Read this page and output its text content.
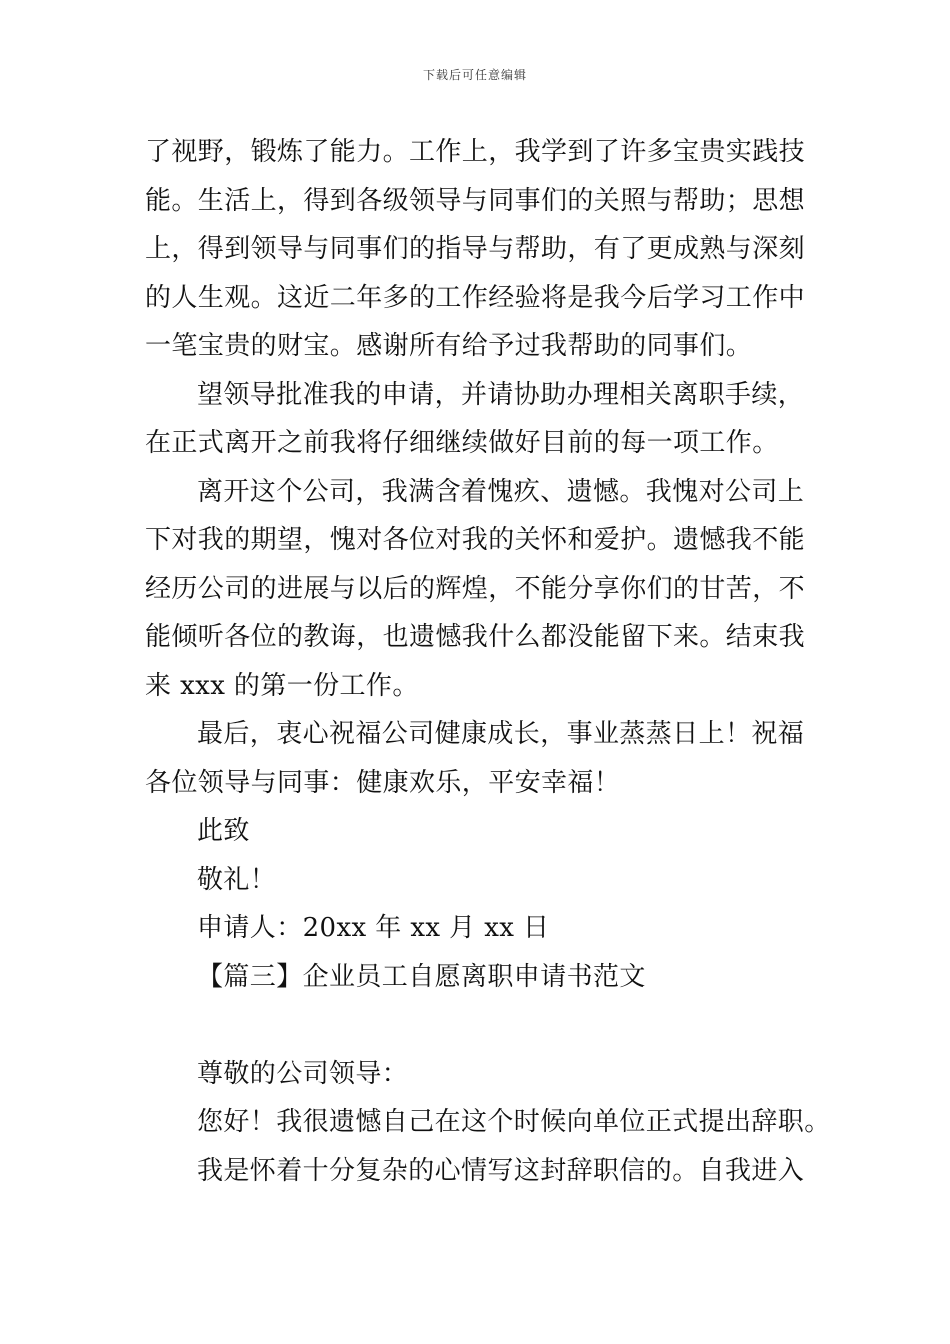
下载后可任意编辑
了视野，锻炼了能力。工作上，我学到了许多宝贵实践技
能。生活上，得到各级领导与同事们的关照与帮助；思想
上，得到领导与同事们的指导与帮助，有了更成熟与深刻
的人生观。这近二年多的工作经验将是我今后学习工作中
一笔宝贵的财宝。感谢所有给予过我帮助的同事们。
望领导批准我的申请，并请协助办理相关离职手续，
在正式离开之前我将仔细继续做好目前的每一项工作。
离开这个公司，我满含着愧疚、遗憾。我愧对公司上
下对我的期望，愧对各位对我的关怀和爱护。遗憾我不能
经历公司的进展与以后的辉煌，不能分享你们的甘苦，不
能倾听各位的教诲，也遗憾我什么都没能留下来。结束我
来 xxx 的第一份工作。
最后，衷心祝福公司健康成长，事业蒸蒸日上！祝福
各位领导与同事：健康欢乐，平安幸福！
此致
敬礼！
申请人：20xx 年 xx 月 xx 日
【篇三】企业员工自愿离职申请书范文
尊敬的公司领导：
您好！我很遗憾自己在这个时候向单位正式提出辞职。
我是怀着十分复杂的心情写这封辞职信的。自我进入
